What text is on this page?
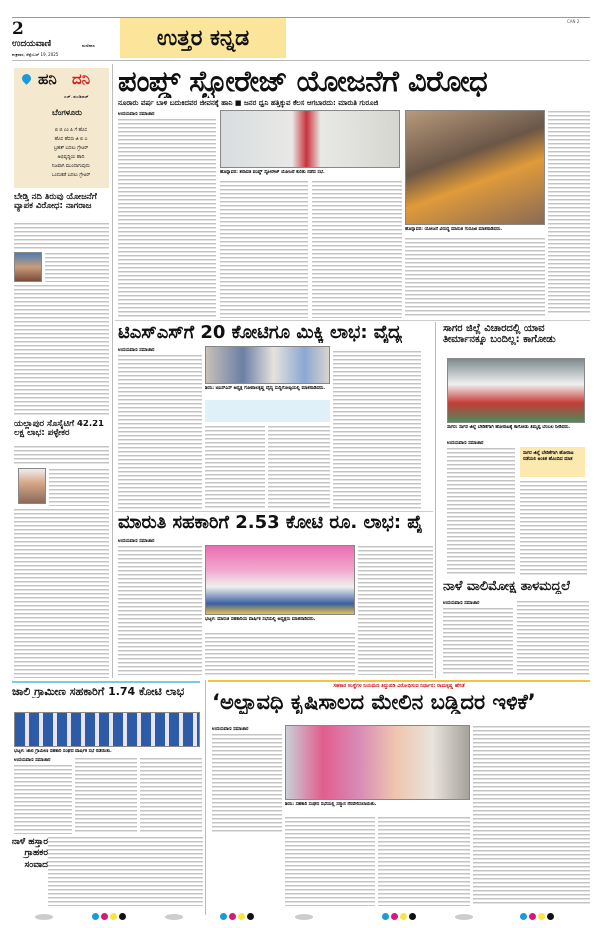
CAN 2
2
ಉದಯವಾಣಿ	ಮಣಿಪಾಲ
ಶುಕ್ರವಾರ, ಸೆಪ್ಟೆಂಬರ್ 19, 2025
ಉತ್ತರ ಕನ್ನಡ
ಹನಿ ದನಿ
ಎಚ್. ಡುಂಡಿರಾಜ್
ಬೆಂಗಳೂರು
ಬಿ ಬಿ ಎಂ ಪಿ ಗೆ ಹೊಸ
ಹೊಸ ಹೆಸರು ಜಿ ಬಿ ಎ
ಬ್ರಹತ್ ಬದಲು ಗ್ರೇಟರ್
ಅಭಿವೃದ್ಧಿಯ ಹಾದಿ
ನಿಜವಾಗಿ ಮುಂದಾಗುವುದು
ಒಂದುಕಡೆ ಬದಲು ಗ್ರೇಟರ್
ಬೇಡ್ತಿ ನದಿ ತಿರುವು ಯೋಜನೆಗೆ ವ್ಯಾಪಕ ವಿರೋಧ: ನಾಗರಾಜ
ಯಲ್ಲಾಪುರ ಸೊಸೈಟಿಗೆ 42.21 ಲಕ್ಷ ಲಾಭ: ಪಳ್ಳೇಕರ
ಪಂಪ್ಡ್ ಸ್ಟೋರೇಜ್ ಯೋಜನೆಗೆ ವಿರೋಧ
ನೂರಾರು ವರ್ಷ ಬಾಳಿ ಬದುಕಿದವರ ಜೀವನಕ್ಕೆ ಹಾನಿ ■ ಜನರ ಧ್ವನಿ ಹತ್ತಿಕ್ಕುವ ಕೆಲಸ ಆಗಬಾರದು: ಮಾರುತಿ ಗುರೂಜಿ
ಉದಯವಾಣಿ ಸಮಾಚಾರ
ಹೊನ್ನಾವರ: ಶರಾವತಿ ಪಂಪ್ಡ್ ಸ್ಟೋರೇಜ್ ಯೋಜನೆ ಕುರಿತು ನಡೆದ ಸಭೆ.
ಹೊನ್ನಾವರ: ಯೋಜನೆ ವಿರುದ್ಧ ಮಾರುತಿ ಗುರೂಜಿ ಮಾತನಾಡಿದರು.
ಟಿಎಸ್‌ಎಸ್‌ಗೆ 20 ಕೋಟಿಗೂ ಮಿಕ್ಕಿ ಲಾಭ: ವೈದ್ಯ
ಉದಯವಾಣಿ ಸಮಾಚಾರ
ಶಿರಸಿ: ಟಿಎಸ್‌ಎಸ್ ಅಧ್ಯಕ್ಷ ಗೋಪಾಲಕೃಷ್ಣ ವೈದ್ಯ ಸುದ್ದಿಗೋಷ್ಠಿಯಲ್ಲಿ ಮಾತನಾಡಿದರು.
ಸಾಗರ ಜಿಲ್ಲೆ ವಿಚಾರದಲ್ಲಿ ಯಾವ ತೀರ್ಮಾನಕ್ಕೂ ಬಂದಿಲ್ಲ: ಕಾಗೋಡು
ಸಾಗರ: ಸಾಗರ ಜಿಲ್ಲೆ ಬೇಡಿಕೆಗಾಗಿ ಹೋರಾಟಕ್ಕೆ ಕಾಗೋಡು ತಿಮ್ಮಪ್ಪ ಬೆಂಬಲ ನೀಡಿದರು.
ಉದಯವಾಣಿ ಸಮಾಚಾರ
ಸಾಗರ ಜಿಲ್ಲೆ ಬೇಡಿಕೆಗಾಗಿ ಹೋರಾಟ ನಡೆಯಲಿ ಅಂಕಿತ ಹೊಂದಿದ ಮಾತ
ಮಾರುತಿ ಸಹಕಾರಿಗೆ 2.53 ಕೋಟಿ ರೂ. ಲಾಭ: ಪೈ
ಉದಯವಾಣಿ ಸಮಾಚಾರ
ಭಟ್ಕಳ: ಮಾರುತಿ ಸಹಕಾರಿಯ ವಾರ್ಷಿಕ ಸಭೆಯಲ್ಲಿ ಅಧ್ಯಕ್ಷರು ಮಾತನಾಡಿದರು.
ನಾಳೆ ವಾಲಿಮೋಕ್ಷ ತಾಳಮದ್ದಲೆ
ಉದಯವಾಣಿ ಸಮಾಚಾರ
ಜಾಲಿ ಗ್ರಾಮೀಣ ಸಹಕಾರಿಗೆ 1.74 ಕೋಟಿ ಲಾಭ
ಭಟ್ಕಳ: ಜಾಲಿ ಗ್ರಾಮೀಣ ಸಹಕಾರಿ ಸಂಘದ ವಾರ್ಷಿಕ ಸಭೆ ನಡೆಯಿತು.
ಉದಯವಾಣಿ ಸಮಾಚಾರ
ಸಹಕಾರ ಸಂಸ್ಥೆಗಳ ನಿಯಮದ ತಿದ್ದುಪಡಿ ವಿರೋಧಿಸುವ ನಿರ್ಧಾರ: ರಾಮಕೃಷ್ಣ ಹೆಗಡೆ
‘ಅಲ್ಪಾವಧಿ ಕೃಷಿಸಾಲದ ಮೇಲಿನ ಬಡ್ಡಿದರ ಇಳಿಕೆ’
ಉದಯವಾಣಿ ಸಮಾಚಾರ
ಶಿರಸಿ: ಸಹಕಾರಿ ಸಂಘದ ಸಭೆಯಲ್ಲಿ ಸನ್ಮಾನ ನೆರವೇರಿಸಲಾಯಿತು.
ನಾಳೆ ಹಸ್ತಾರ ಗ್ರಾಹಕರ ಸಂವಾದ
